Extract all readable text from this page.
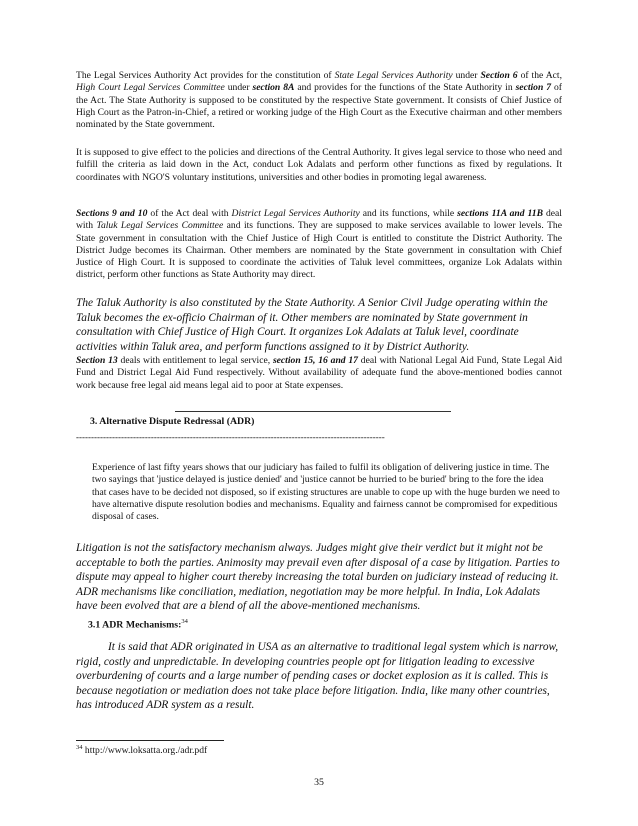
The Legal Services Authority Act provides for the constitution of State Legal Services Authority under Section 6 of the Act, High Court Legal Services Committee under section 8A and provides for the functions of the State Authority in section 7 of the Act. The State Authority is supposed to be constituted by the respective State government. It consists of Chief Justice of High Court as the Patron-in-Chief, a retired or working judge of the High Court as the Executive chairman and other members nominated by the State government.

It is supposed to give effect to the policies and directions of the Central Authority. It gives legal service to those who need and fulfill the criteria as laid down in the Act, conduct Lok Adalats and perform other functions as fixed by regulations. It coordinates with NGO'S voluntary institutions, universities and other bodies in promoting legal awareness.

Sections 9 and 10 of the Act deal with District Legal Services Authority and its functions, while sections 11A and 11B deal with Taluk Legal Services Committee and its functions. They are supposed to make services available to lower levels. The State government in consultation with the Chief Justice of High Court is entitled to constitute the District Authority. The District Judge becomes its Chairman. Other members are nominated by the State government in consultation with Chief Justice of High Court. It is supposed to coordinate the activities of Taluk level committees, organize Lok Adalats within district, perform other functions as State Authority may direct.

The Taluk Authority is also constituted by the State Authority. A Senior Civil Judge operating within the Taluk becomes the ex-officio Chairman of it. Other members are nominated by State government in consultation with Chief Justice of High Court. It organizes Lok Adalats at Taluk level, coordinate activities within Taluk area, and perform functions assigned to it by District Authority.

Section 13 deals with entitlement to legal service, section 15, 16 and 17 deal with National Legal Aid Fund, State Legal Aid Fund and District Legal Aid Fund respectively. Without availability of adequate fund the above-mentioned bodies cannot work because free legal aid means legal aid to poor at State expenses.

3. Alternative Dispute Redressal (ADR)

-------------------------------------------------------------------------------------------------------

Experience of last fifty years shows that our judiciary has failed to fulfil its obligation of delivering justice in time. The two sayings that 'justice delayed is justice denied' and 'justice cannot be hurried to be buried' bring to the fore the idea that cases have to be decided not disposed, so if existing structures are unable to cope up with the huge burden we need to have alternative dispute resolution bodies and mechanisms. Equality and fairness cannot be compromised for expeditious disposal of cases.

Litigation is not the satisfactory mechanism always. Judges might give their verdict but it might not be acceptable to both the parties. Animosity may prevail even after disposal of a case by litigation. Parties to dispute may appeal to higher court thereby increasing the total burden on judiciary instead of reducing it. ADR mechanisms like conciliation, mediation, negotiation may be more helpful. In India, Lok Adalats have been evolved that are a blend of all the above-mentioned mechanisms.

3.1 ADR Mechanisms:$^{34}$

It is said that ADR originated in USA as an alternative to traditional legal system which is narrow, rigid, costly and unpredictable. In developing countries people opt for litigation leading to excessive overburdening of courts and a large number of pending cases or docket explosion as it is called. This is because negotiation or mediation does not take place before litigation. India, like many other countries, has introduced ADR system as a result.

$^{34}$ http://www.loksatta.org./adr.pdf
35
